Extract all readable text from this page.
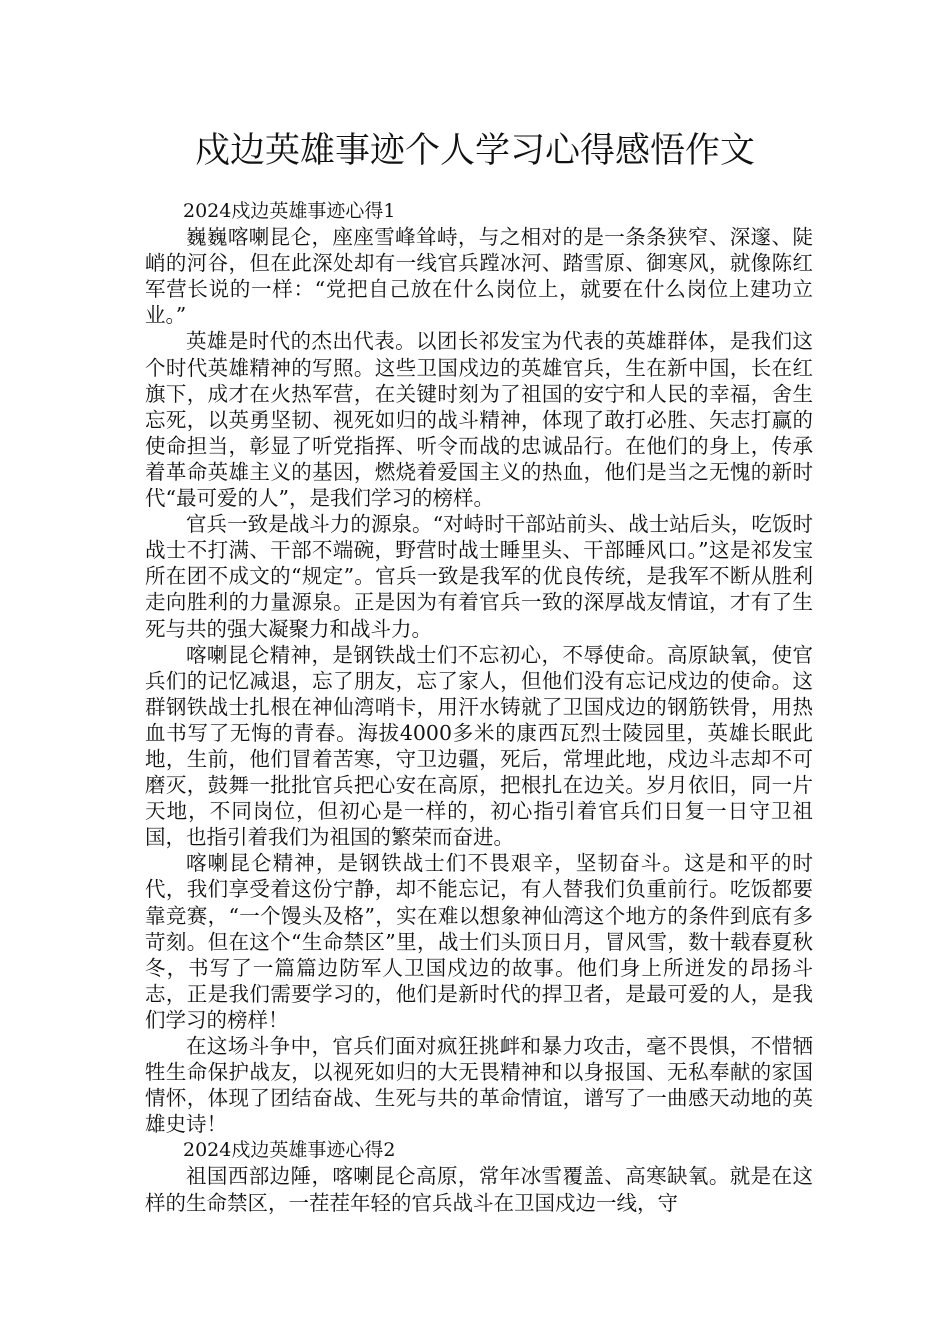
戍边英雄事迹个人学习心得感悟作文

2024戍边英雄事迹心得1

巍巍喀喇昆仑，座座雪峰耸峙，与之相对的是一条条狭窄、深邃、陡峭的河谷，但在此深处却有一线官兵蹚冰河、踏雪原、御寒风，就像陈红军营长说的一样：“党把自己放在什么岗位上，就要在什么岗位上建功立业。”

英雄是时代的杰出代表。以团长祁发宝为代表的英雄群体，是我们这个时代英雄精神的写照。这些卫国戍边的英雄官兵，生在新中国，长在红旗下，成才在火热军营，在关键时刻为了祖国的安宁和人民的幸福，舍生忘死，以英勇坚韧、视死如归的战斗精神，体现了敢打必胜、矢志打赢的使命担当，彰显了听党指挥、听令而战的忠诚品行。在他们的身上，传承着革命英雄主义的基因，燃烧着爱国主义的热血，他们是当之无愧的新时代“最可爱的人”，是我们学习的榜样。

官兵一致是战斗力的源泉。“对峙时干部站前头、战士站后头，吃饭时战士不打满、干部不端碗，野营时战士睡里头、干部睡风口。”这是祁发宝所在团不成文的“规定”。官兵一致是我军的优良传统，是我军不断从胜利走向胜利的力量源泉。正是因为有着官兵一致的深厚战友情谊，才有了生死与共的强大凝聚力和战斗力。

喀喇昆仑精神，是钢铁战士们不忘初心，不辱使命。高原缺氧，使官兵们的记忆减退，忘了朋友，忘了家人，但他们没有忘记戍边的使命。这群钢铁战士扎根在神仙湾哨卡，用汗水铸就了卫国戍边的钢筋铁骨，用热血书写了无悔的青春。海拔4000多米的康西瓦烈士陵园里，英雄长眠此地，生前，他们冒着苦寒，守卫边疆，死后，常埋此地，戍边斗志却不可磨灭，鼓舞一批批官兵把心安在高原，把根扎在边关。岁月依旧，同一片天地，不同岗位，但初心是一样的，初心指引着官兵们日复一日守卫祖国，也指引着我们为祖国的繁荣而奋进。

喀喇昆仑精神，是钢铁战士们不畏艰辛，坚韧奋斗。这是和平的时代，我们享受着这份宁静，却不能忘记，有人替我们负重前行。吃饭都要靠竞赛，“一个馒头及格”，实在难以想象神仙湾这个地方的条件到底有多苛刻。但在这个“生命禁区”里，战士们头顶日月，冒风雪，数十载春夏秋冬，书写了一篇篇边防军人卫国戍边的故事。他们身上所迸发的昂扬斗志，正是我们需要学习的，他们是新时代的捍卫者，是最可爱的人，是我们学习的榜样！

在这场斗争中，官兵们面对疯狂挑衅和暴力攻击，毫不畏惧，不惜牺牲生命保护战友，以视死如归的大无畏精神和以身报国、无私奉献的家国情怀，体现了团结奋战、生死与共的革命情谊，谱写了一曲感天动地的英雄史诗！

2024戍边英雄事迹心得2

祖国西部边陲，喀喇昆仑高原，常年冰雪覆盖、高寒缺氧。就是在这样的生命禁区，一茬茬年轻的官兵战斗在卫国戍边一线，守
